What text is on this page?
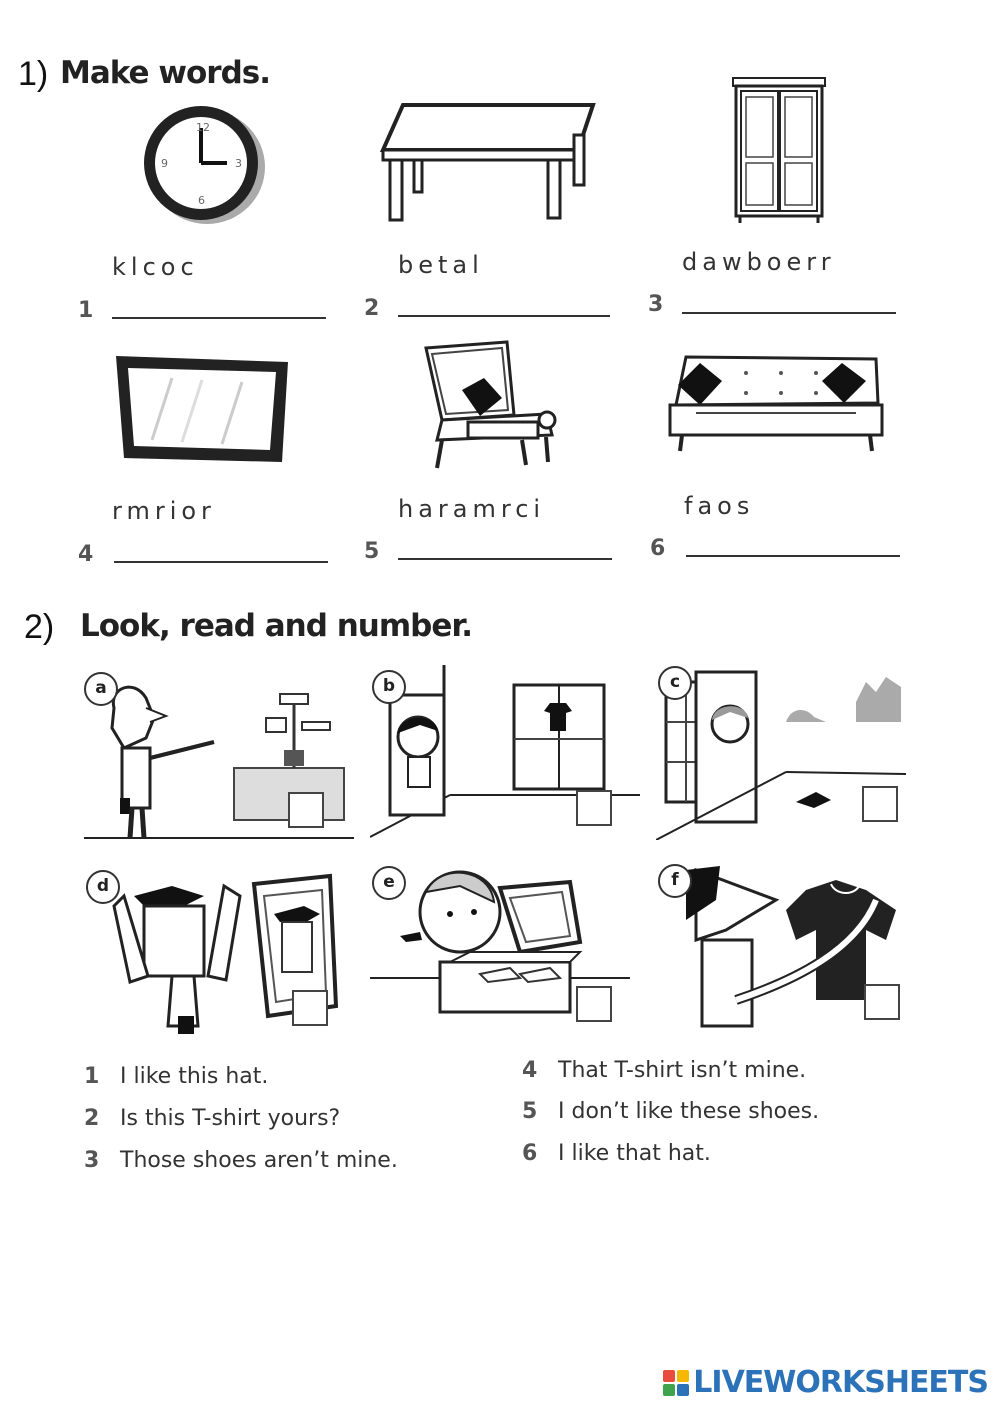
1) Make words.
12
3
6
9
klcoc	betal	dawboerr
1	2	3
rmrior	haramrci	faos
4	5	6
2) Look, read and number.
a	b	c
d	e	f
1 I like this hat.
2 Is this T-shirt yours?
3 Those shoes aren’t mine.
4 That T-shirt isn’t mine.
5 I don’t like these shoes.
6 I like that hat.
LIVEWORKSHEETS
